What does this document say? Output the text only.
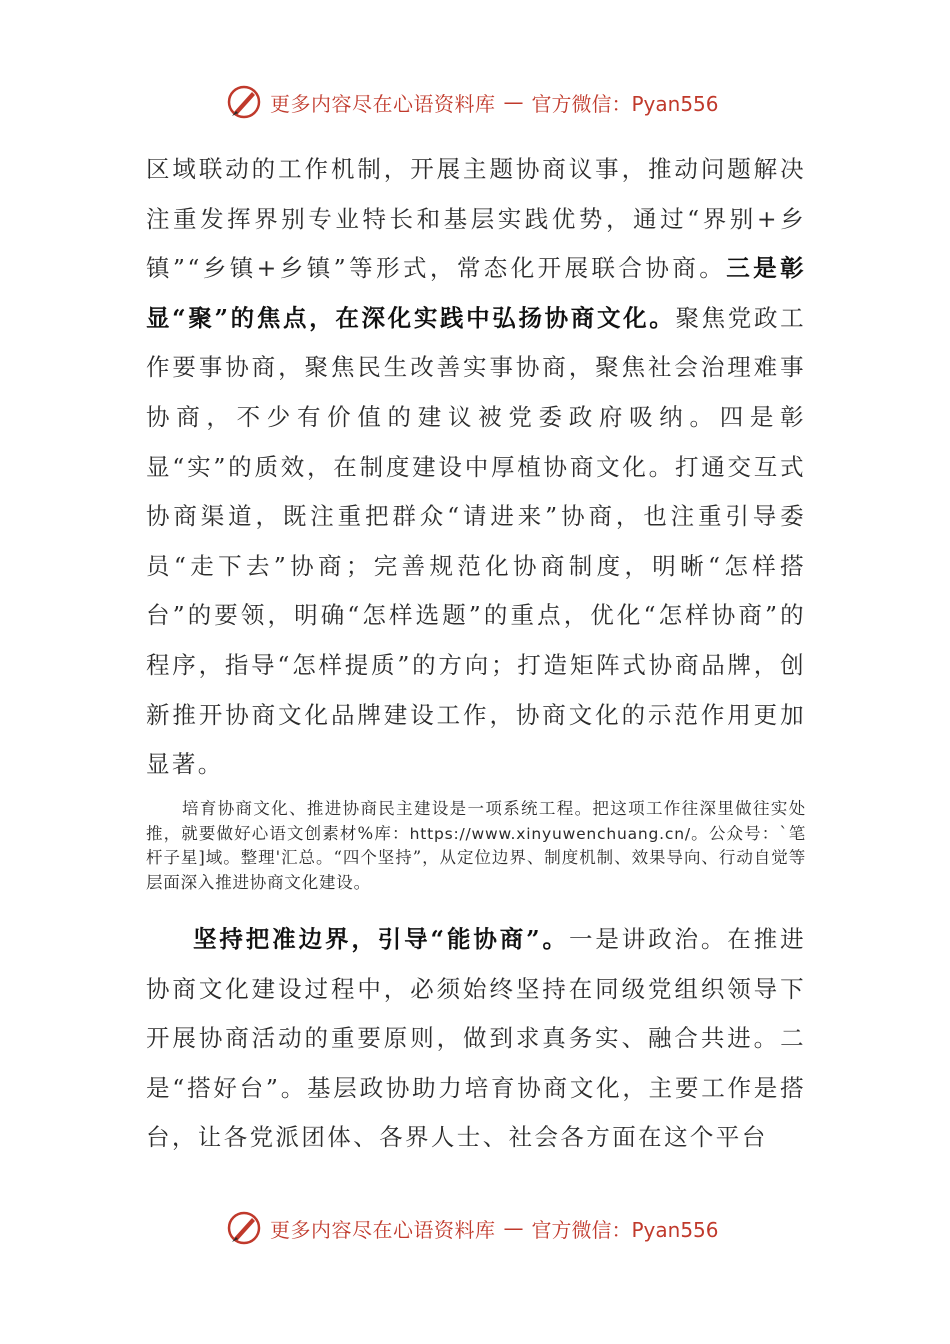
更多内容尽在心语资料库 — 官方微信：Pyan556
区域联动的工作机制，开展主题协商议事，推动问题解决注重发挥界别专业特长和基层实践优势，通过“界别+乡镇”“乡镇+乡镇”等形式，常态化开展联合协商。三是彰显“聚”的焦点，在深化实践中弘扬协商文化。聚焦党政工作要事协商，聚焦民生改善实事协商，聚焦社会治理难事协商，不少有价值的建议被党委政府吸纳。四是彰显“实”的质效，在制度建设中厚植协商文化。打通交互式协商渠道，既注重把群众“请进来”协商，也注重引导委员“走下去”协商；完善规范化协商制度，明晰“怎样搭台”的要领，明确“怎样选题”的重点，优化“怎样协商”的程序，指导“怎样提质”的方向；打造矩阵式协商品牌，创新推开协商文化品牌建设工作，协商文化的示范作用更加显著。
培育协商文化、推进协商民主建设是一项系统工程。把这项工作往深里做往实处推，就要做好心语文创素材%库：https://www.xinyuwenchuang.cn/。公众号：`笔杆子星]域。整理'汇总。“四个坚持”，从定位边界、制度机制、效果导向、行动自觉等层面深入推进协商文化建设。
坚持把准边界，引导“能协商”。一是讲政治。在推进协商文化建设过程中，必须始终坚持在同级党组织领导下开展协商活动的重要原则，做到求真务实、融合共进。二是“搭好台”。基层政协助力培育协商文化，主要工作是搭台，让各党派团体、各界人士、社会各方面在这个平台
更多内容尽在心语资料库 — 官方微信：Pyan556
